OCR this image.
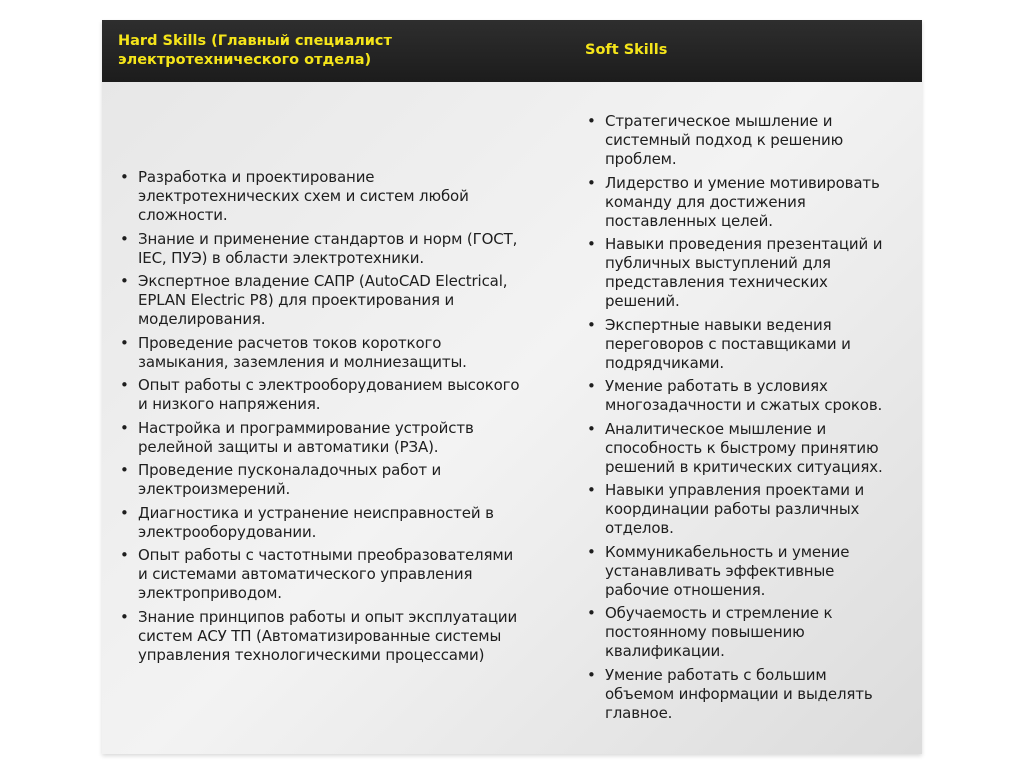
Hard Skills (Главный специалист
электротехнического отдела)
Soft Skills
• Разработка и проектирование
электротехнических схем и систем любой
сложности.
• Знание и применение стандартов и норм (ГОСТ,
IEC, ПУЭ) в области электротехники.
• Экспертное владение САПР (AutoCAD Electrical,
EPLAN Electric P8) для проектирования и
моделирования.
• Проведение расчетов токов короткого
замыкания, заземления и молниезащиты.
• Опыт работы с электрооборудованием высокого
и низкого напряжения.
• Настройка и программирование устройств
релейной защиты и автоматики (РЗА).
• Проведение пусконаладочных работ и
электроизмерений.
• Диагностика и устранение неисправностей в
электрооборудовании.
• Опыт работы с частотными преобразователями
и системами автоматического управления
электроприводом.
• Знание принципов работы и опыт эксплуатации
систем АСУ ТП (Автоматизированные системы
управления технологическими процессами)
• Стратегическое мышление и
системный подход к решению
проблем.
• Лидерство и умение мотивировать
команду для достижения
поставленных целей.
• Навыки проведения презентаций и
публичных выступлений для
представления технических
решений.
• Экспертные навыки ведения
переговоров с поставщиками и
подрядчиками.
• Умение работать в условиях
многозадачности и сжатых сроков.
• Аналитическое мышление и
способность к быстрому принятию
решений в критических ситуациях.
• Навыки управления проектами и
координации работы различных
отделов.
• Коммуникабельность и умение
устанавливать эффективные
рабочие отношения.
• Обучаемость и стремление к
постоянному повышению
квалификации.
• Умение работать с большим
объемом информации и выделять
главное.
